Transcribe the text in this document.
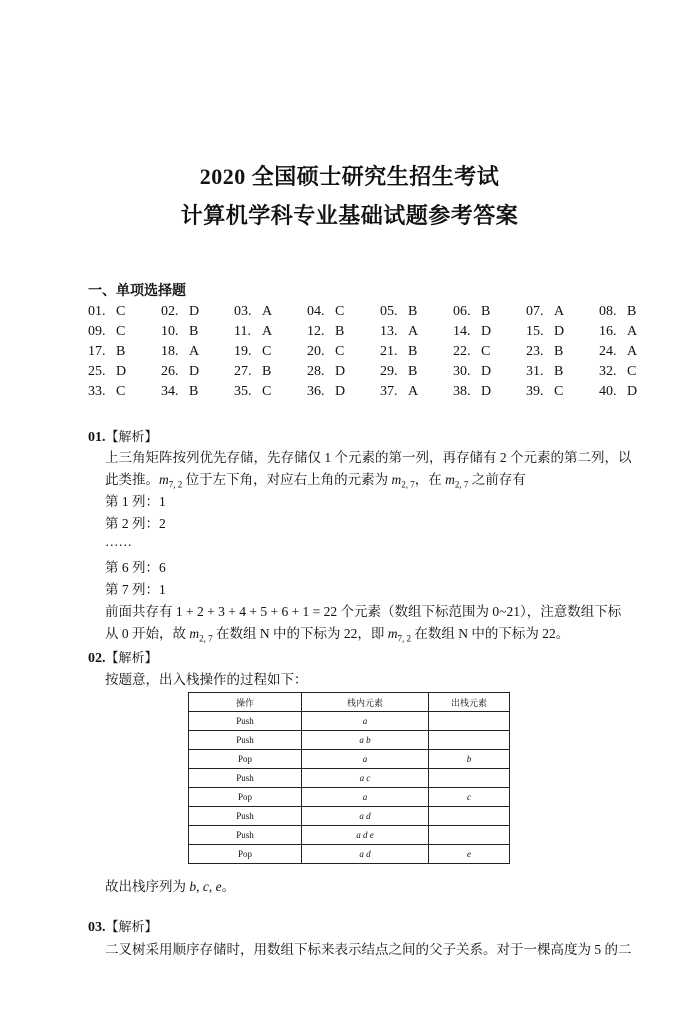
2020 全国硕士研究生招生考试
计算机学科专业基础试题参考答案
一、单项选择题
01. C	02. D 03. A 04. C	05. B	06. B	07. A 08. B
09. C	10. B	11. A 12. B	13. A 14. D 15. D 16. A
17. B	18. A 19. C	20. C	21. B	22. C	23. B	24. A
25. D 26. D 27. B	28. D 29. B	30. D 31. B	32. C
33. C	34. B	35. C	36. D 37. A 38. D 39. C	40. D
01.【解析】
上三角矩阵按列优先存储，先存储仅 1 个元素的第一列，再存储有 2 个元素的第二列，以
此类推。$m_{7, 2}$ 位于左下角，对应右上角的元素为 $m_{2, 7}$，在 $m_{2, 7}$ 之前存有
第 1 列：1
第 2 列：2
……
第 6 列：6
第 7 列：1
前面共存有 1 + 2 + 3 + 4 + 5 + 6 + 1 = 22 个元素（数组下标范围为 0~21），注意数组下标
从 0 开始，故 $m_{2, 7}$ 在数组 N 中的下标为 22，即 $m_{7, 2}$ 在数组 N 中的下标为 22。
02.【解析】
按题意，出入栈操作的过程如下：
操作	栈内元素	出栈元素
Push	a	
Push	a b	
Pop	a	b
Push	a c	
Pop	a	c
Push	a d	
Push	a d e	
Pop	a d	e
故出栈序列为 b, c, e。
03.【解析】
二叉树采用顺序存储时，用数组下标来表示结点之间的父子关系。对于一棵高度为 5 的二
